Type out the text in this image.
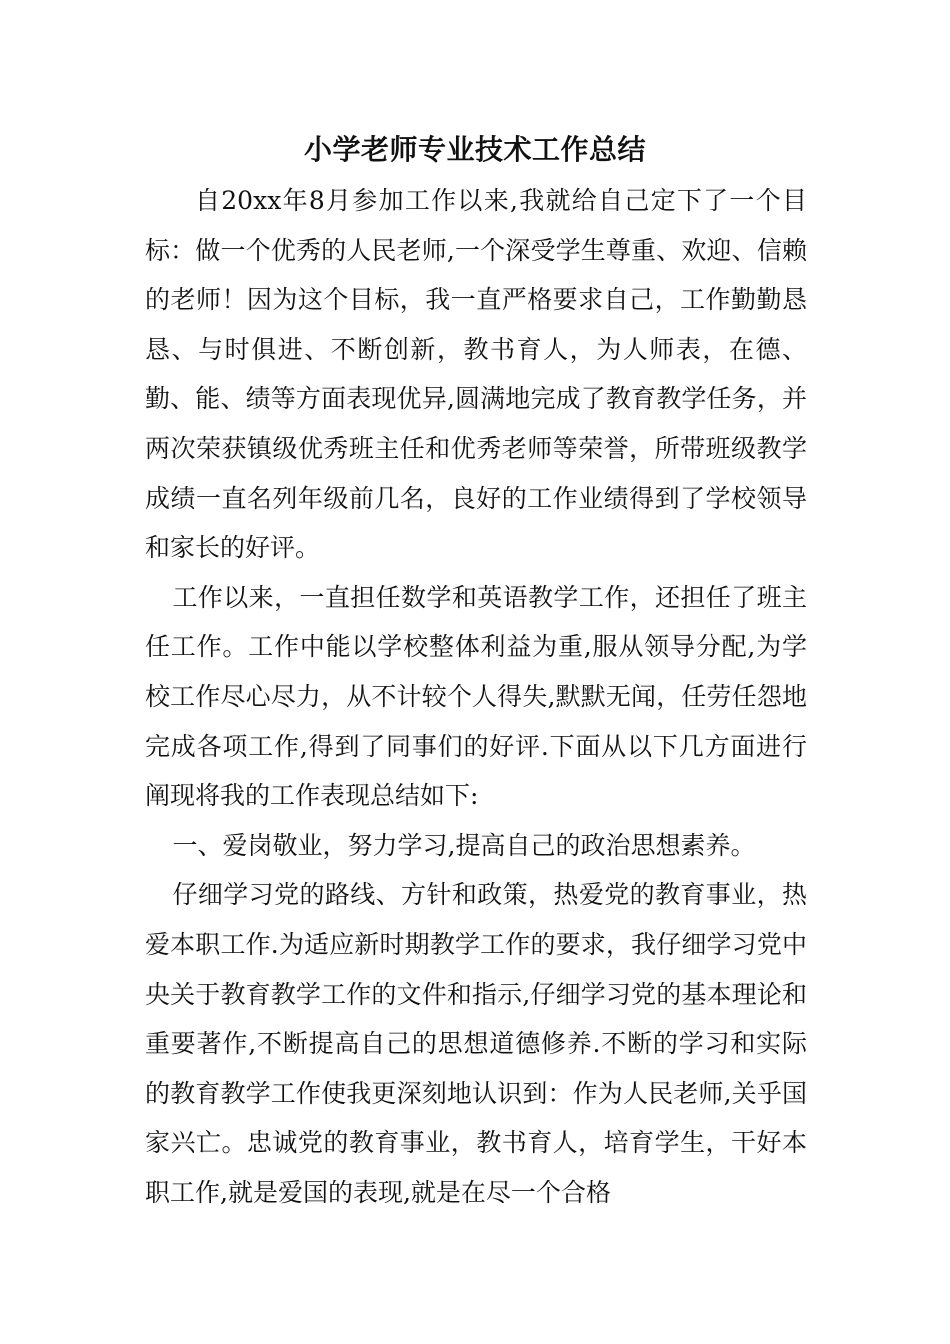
小学老师专业技术工作总结

自20xx年8月参加工作以来,我就给自己定下了一个目标：做一个优秀的人民老师,一个深受学生尊重、欢迎、信赖的老师！因为这个目标，我一直严格要求自己，工作勤勤恳恳、与时俱进、不断创新，教书育人，为人师表，在德、勤、能、绩等方面表现优异,圆满地完成了教育教学任务，并两次荣获镇级优秀班主任和优秀老师等荣誉，所带班级教学成绩一直名列年级前几名，良好的工作业绩得到了学校领导和家长的好评。

工作以来，一直担任数学和英语教学工作，还担任了班主任工作。工作中能以学校整体利益为重,服从领导分配,为学校工作尽心尽力，从不计较个人得失,默默无闻，任劳任怨地完成各项工作,得到了同事们的好评.下面从以下几方面进行阐现将我的工作表现总结如下:

一、爱岗敬业，努力学习,提高自己的政治思想素养。

仔细学习党的路线、方针和政策，热爱党的教育事业，热爱本职工作.为适应新时期教学工作的要求，我仔细学习党中央关于教育教学工作的文件和指示,仔细学习党的基本理论和重要著作,不断提高自己的思想道德修养.不断的学习和实际的教育教学工作使我更深刻地认识到：作为人民老师,关乎国家兴亡。忠诚党的教育事业，教书育人，培育学生，干好本职工作,就是爱国的表现,就是在尽一个合格
